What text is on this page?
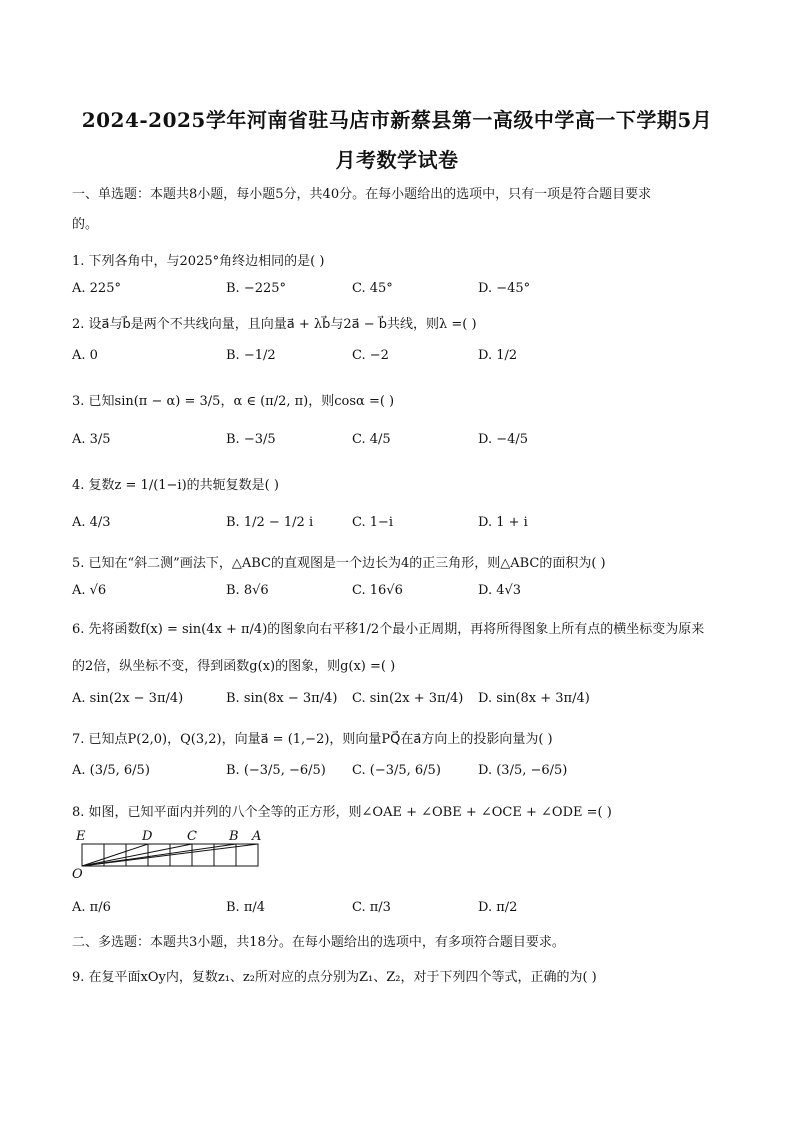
2024-2025学年河南省驻马店市新蔡县第一高级中学高一下学期5月
月考数学试卷
一、单选题：本题共8小题，每小题5分，共40分。在每小题给出的选项中，只有一项是符合题目要求
的。
1. 下列各角中，与2025°角终边相同的是( )
A. 225°	B. −225°	C. 45°	D. −45°
2. 设a⃗与b⃗是两个不共线向量，且向量a⃗ + λb⃗与2a⃗ − b⃗共线，则λ =( )
A. 0	B. −1/2	C. −2	D. 1/2
3. 已知sin(π − α) = 3/5，α ∈ (π/2, π)，则cosα =( )
A. 3/5	B. −3/5	C. 4/5	D. −4/5
4. 复数z = 1/(1−i)的共轭复数是( )
A. 4/3	B. 1/2 − 1/2 i	C. 1−i	D. 1 + i
5. 已知在“斜二测”画法下，△ABC的直观图是一个边长为4的正三角形，则△ABC的面积为( )
A. √6	B. 8√6	C. 16√6	D. 4√3
6. 先将函数f(x) = sin(4x + π/4)的图象向右平移1/2个最小正周期，再将所得图象上所有点的横坐标变为原来
的2倍，纵坐标不变，得到函数g(x)的图象，则g(x) =( )
A. sin(2x − 3π/4)	B. sin(8x − 3π/4) C. sin(2x + 3π/4) D. sin(8x + 3π/4)
7. 已知点P(2,0)，Q(3,2)，向量a⃗ = (1,−2)，则向量PQ⃗在a⃗方向上的投影向量为( )
A. (3/5, 6/5)	B. (−3/5, −6/5) C. (−3/5, 6/5)	D. (3/5, −6/5)
8. 如图，已知平面内并列的八个全等的正方形，则∠OAE + ∠OBE + ∠OCE + ∠ODE =( )
E	D	C B A
O
A. π/6	B. π/4	C. π/3	D. π/2
二、多选题：本题共3小题，共18分。在每小题给出的选项中，有多项符合题目要求。
9. 在复平面xOy内，复数z₁、z₂所对应的点分别为Z₁、Z₂，对于下列四个等式，正确的为( )
